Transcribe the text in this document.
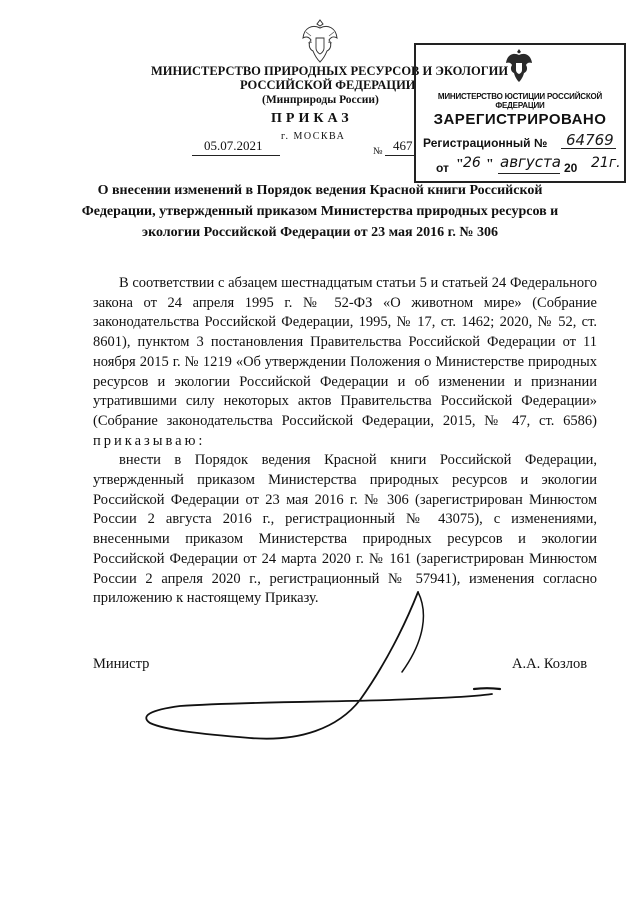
МИНИСТЕРСТВО ПРИРОДНЫХ РЕСУРСОВ И ЭКОЛОГИИ
РОССИЙСКОЙ ФЕДЕРАЦИИ
(Минприроды России)
ПРИКАЗ
г. МОСКВА
05.07.2021	№ 467
МИНИСТЕРСТВО ЮСТИЦИИ РОССИЙСКОЙ ФЕДЕРАЦИИ
ЗАРЕГИСТРИРОВАНО
Регистрационный № 64769
от " 26 " августа 20 21г.
О внесении изменений в Порядок ведения Красной книги Российской Федерации, утвержденный приказом Министерства природных ресурсов и экологии Российской Федерации от 23 мая 2016 г. № 306

В соответствии с абзацем шестнадцатым статьи 5 и статьей 24 Федерального закона от 24 апреля 1995 г. № 52-ФЗ «О животном мире» (Собрание законодательства Российской Федерации, 1995, № 17, ст. 1462; 2020, № 52, ст. 8601), пунктом 3 постановления Правительства Российской Федерации от 11 ноября 2015 г. № 1219 «Об утверждении Положения о Министерстве природных ресурсов и экологии Российской Федерации и об изменении и признании утратившими силу некоторых актов Правительства Российской Федерации» (Собрание законодательства Российской Федерации, 2015, № 47, ст. 6586) приказываю:

внести в Порядок ведения Красной книги Российской Федерации, утвержденный приказом Министерства природных ресурсов и экологии Российской Федерации от 23 мая 2016 г. № 306 (зарегистрирован Минюстом России 2 августа 2016 г., регистрационный № 43075), с изменениями, внесенными приказом Министерства природных ресурсов и экологии Российской Федерации от 24 марта 2020 г. № 161 (зарегистрирован Минюстом России 2 апреля 2020 г., регистрационный № 57941), изменения согласно приложению к настоящему Приказу.

Министр	А.А. Козлов
